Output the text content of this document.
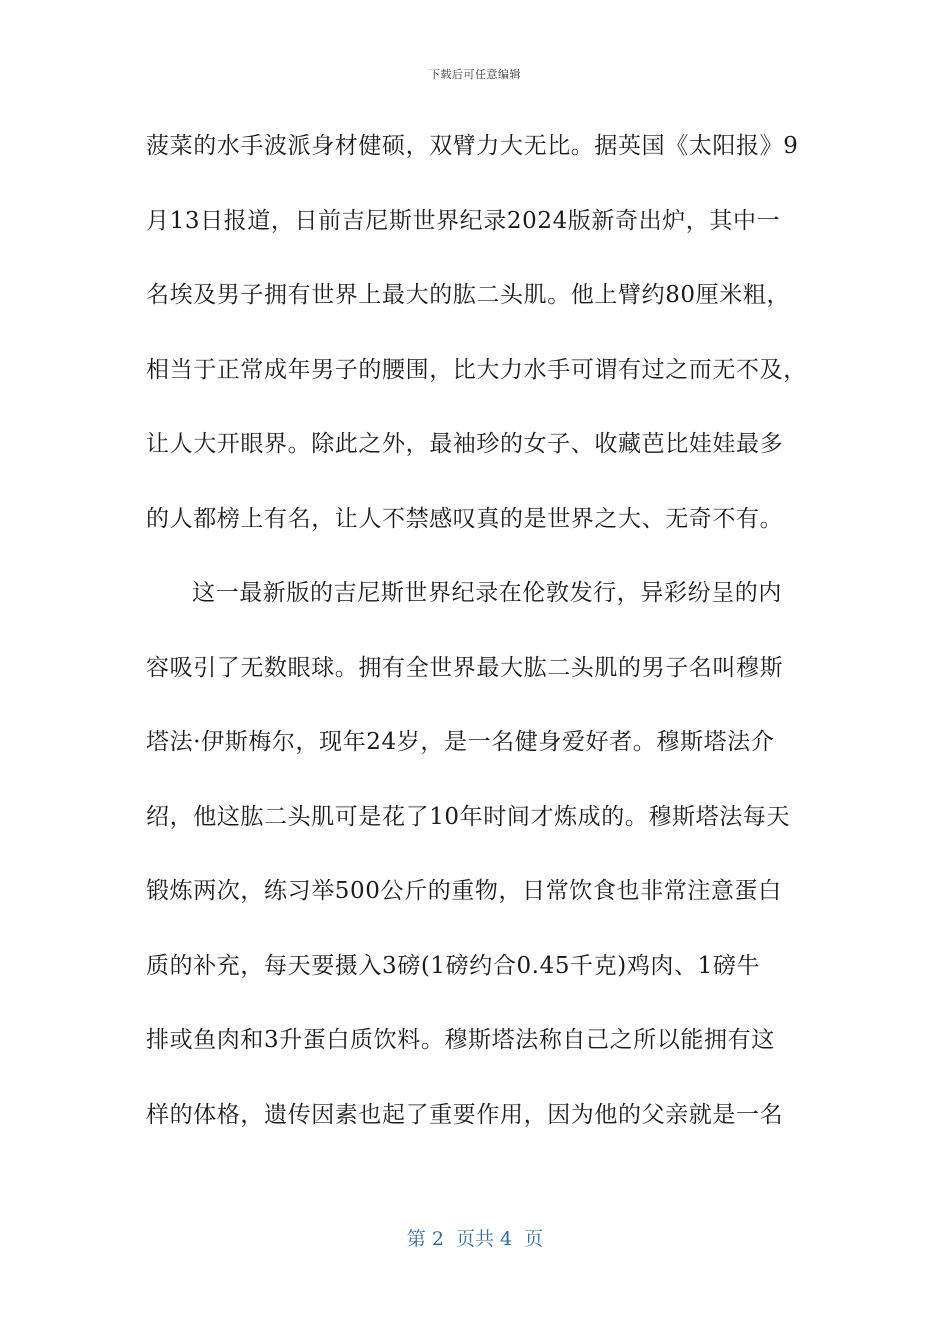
下载后可任意编辑
菠菜的水手波派身材健硕，双臂力大无比。据英国《太阳报》9
月13日报道，日前吉尼斯世界纪录2024版新奇出炉，其中一
名埃及男子拥有世界上最大的肱二头肌。他上臂约80厘米粗，
相当于正常成年男子的腰围，比大力水手可谓有过之而无不及，
让人大开眼界。除此之外，最袖珍的女子、收藏芭比娃娃最多
的人都榜上有名，让人不禁感叹真的是世界之大、无奇不有。
这一最新版的吉尼斯世界纪录在伦敦发行，异彩纷呈的内
容吸引了无数眼球。拥有全世界最大肱二头肌的男子名叫穆斯
塔法·伊斯梅尔，现年24岁，是一名健身爱好者。穆斯塔法介
绍，他这肱二头肌可是花了10年时间才炼成的。穆斯塔法每天
锻炼两次，练习举500公斤的重物，日常饮食也非常注意蛋白
质的补充，每天要摄入3磅(1磅约合0.45千克)鸡肉、1磅牛
排或鱼肉和3升蛋白质饮料。穆斯塔法称自己之所以能拥有这
样的体格，遗传因素也起了重要作用，因为他的父亲就是一名
第 2  页共 4  页
